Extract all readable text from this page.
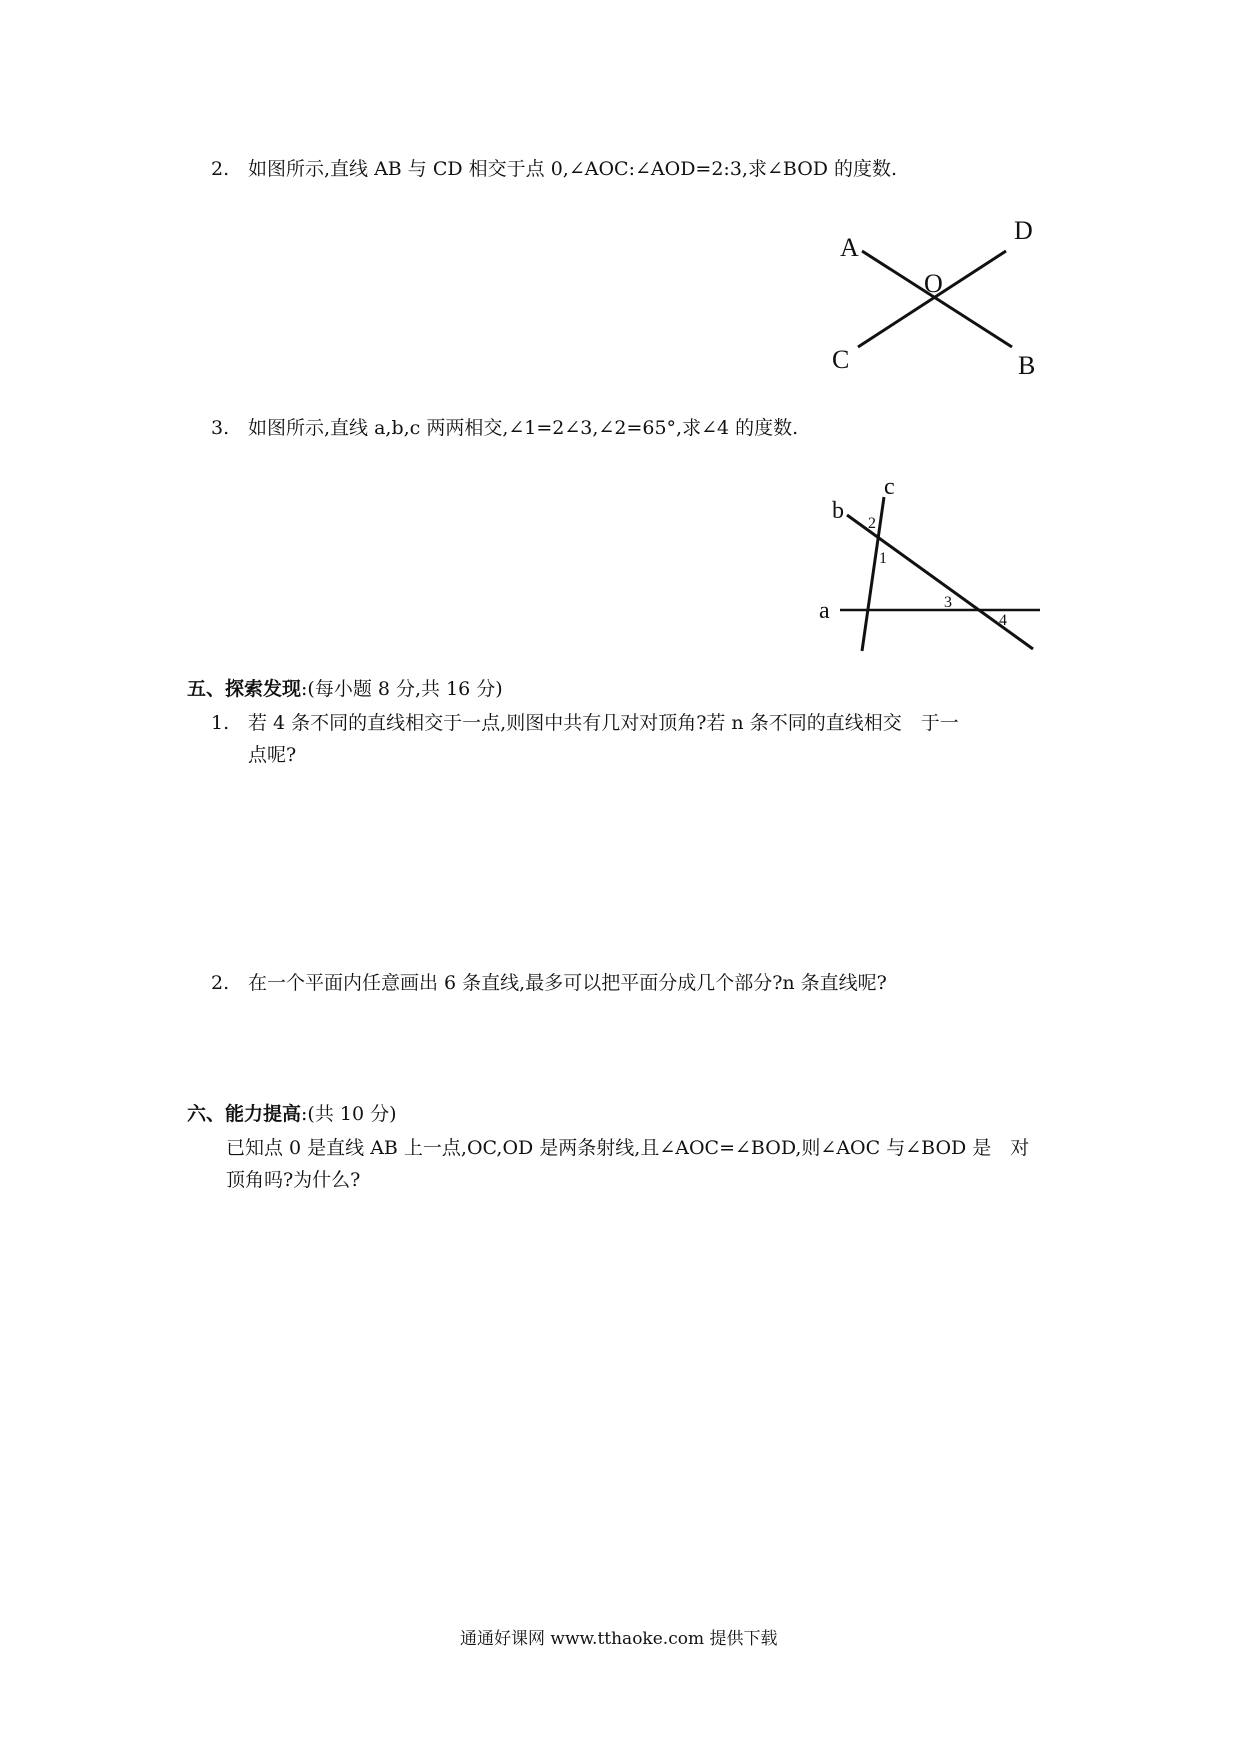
2. 如图所示,直线 AB 与 CD 相交于点 0,∠AOC:∠AOD=2:3,求∠BOD 的度数.
A
D
O
C	B
c
b
a
2
1
3
4
3. 如图所示,直线 a,b,c 两两相交,∠1=2∠3,∠2=65°,求∠4 的度数.
五、探索发现:(每小题 8 分,共 16 分)
1. 若 4 条不同的直线相交于一点,则图中共有几对对顶角?若 n 条不同的直线相交　于一
点呢?
2. 在一个平面内任意画出 6 条直线,最多可以把平面分成几个部分?n 条直线呢?
六、能力提高:(共 10 分)
已知点 0 是直线 AB 上一点,OC,OD 是两条射线,且∠AOC=∠BOD,则∠AOC 与∠BOD 是　对
顶角吗?为什么?
通通好课网 www.tthaoke.com 提供下载
